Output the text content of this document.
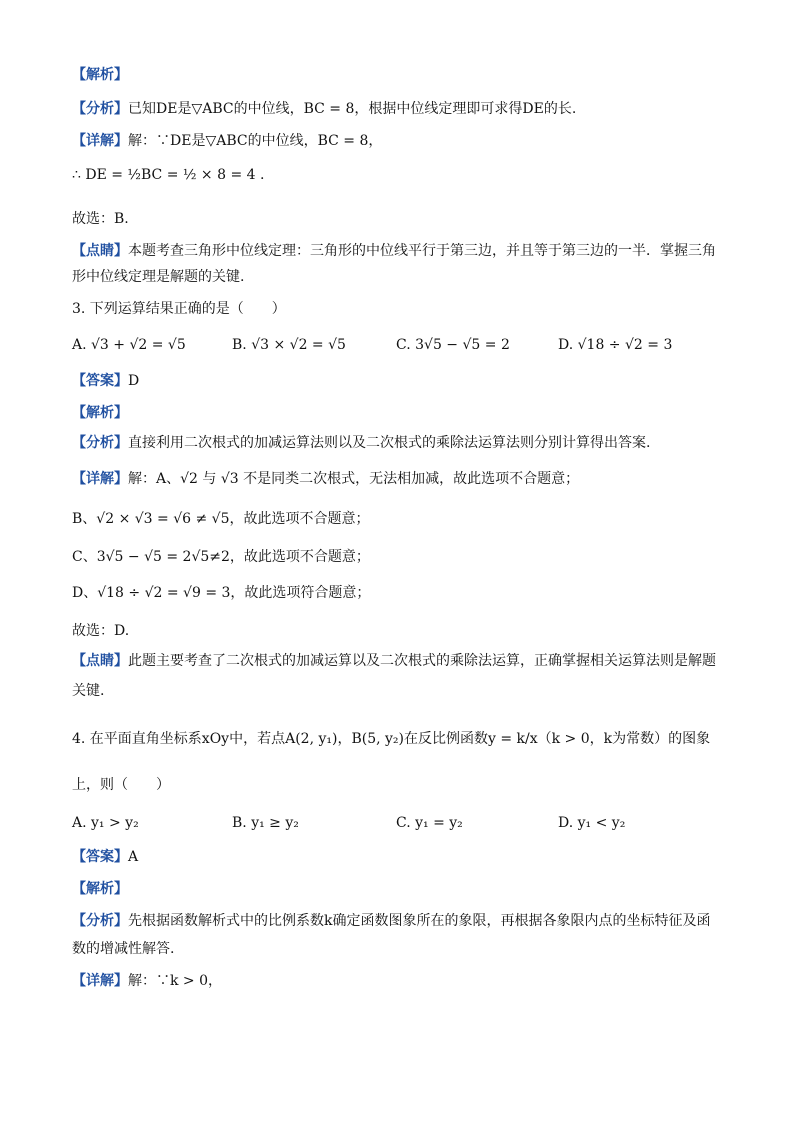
【解析】
【分析】已知DE是▽ABC的中位线，BC = 8，根据中位线定理即可求得DE的长.
【详解】解：∵DE是▽ABC的中位线，BC = 8，
∴ DE = ½BC = ½ × 8 = 4 .
故选：B.
【点睛】本题考查三角形中位线定理：三角形的中位线平行于第三边，并且等于第三边的一半．掌握三角
形中位线定理是解题的关键.
3. 下列运算结果正确的是（　　）
A. √3 + √2 = √5	B. √3 × √2 = √5	C. 3√5 − √5 = 2	D. √18 ÷ √2 = 3
【答案】D
【解析】
【分析】直接利用二次根式的加减运算法则以及二次根式的乘除法运算法则分别计算得出答案.
【详解】解：A、√2 与 √3 不是同类二次根式，无法相加减，故此选项不合题意；
B、√2 × √3 = √6 ≠ √5，故此选项不合题意；
C、3√5 − √5 = 2√5≠2，故此选项不合题意；
D、√18 ÷ √2 = √9 = 3，故此选项符合题意；
故选：D.
【点睛】此题主要考查了二次根式的加减运算以及二次根式的乘除法运算，正确掌握相关运算法则是解题
关键.
4. 在平面直角坐标系xOy中，若点A(2, y₁)，B(5, y₂)在反比例函数y = k/x（k > 0，k为常数）的图象
上，则（　　）
A. y₁ > y₂	B. y₁ ≥ y₂	C. y₁ = y₂	D. y₁ < y₂
【答案】A
【解析】
【分析】先根据函数解析式中的比例系数k确定函数图象所在的象限，再根据各象限内点的坐标特征及函
数的增减性解答.
【详解】解：∵k > 0，
